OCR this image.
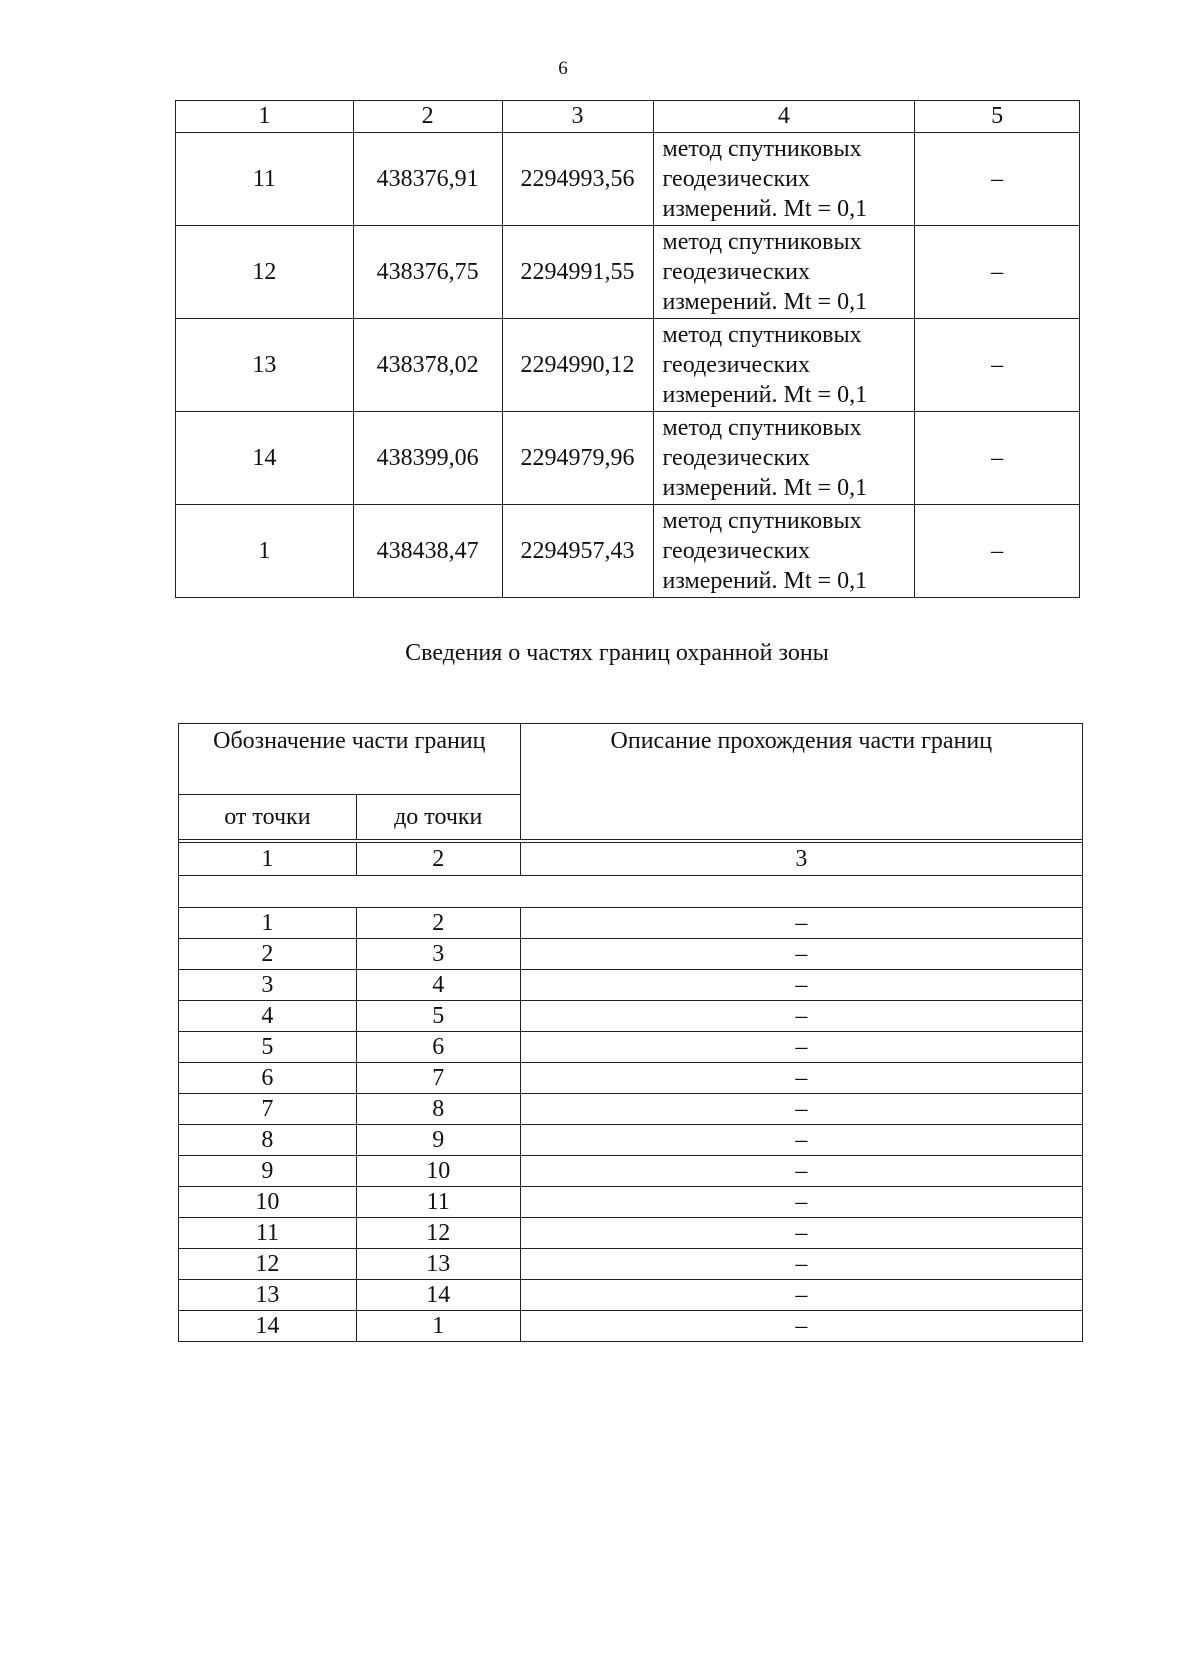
6
1	2	3	4	5
11	438376,91	2294993,56	метод спутниковых
геодезических
измерений. Mt = 0,1	–
12	438376,75	2294991,55	метод спутниковых
геодезических
измерений. Mt = 0,1	–
13	438378,02	2294990,12	метод спутниковых
геодезических
измерений. Mt = 0,1	–
14	438399,06	2294979,96	метод спутниковых
геодезических
измерений. Mt = 0,1	–
1	438438,47	2294957,43	метод спутниковых
геодезических
измерений. Mt = 0,1	–
Сведения о частях границ охранной зоны
Обозначение части границ		Описание прохождения части границ
от точки	до точки	

1	2	3

1	2	–
2	3	–
3	4	–
4	5	–
5	6	–
6	7	–
7	8	–
8	9	–
9	10	–
10	11	–
11	12	–
12	13	–
13	14	–
14	1	–
